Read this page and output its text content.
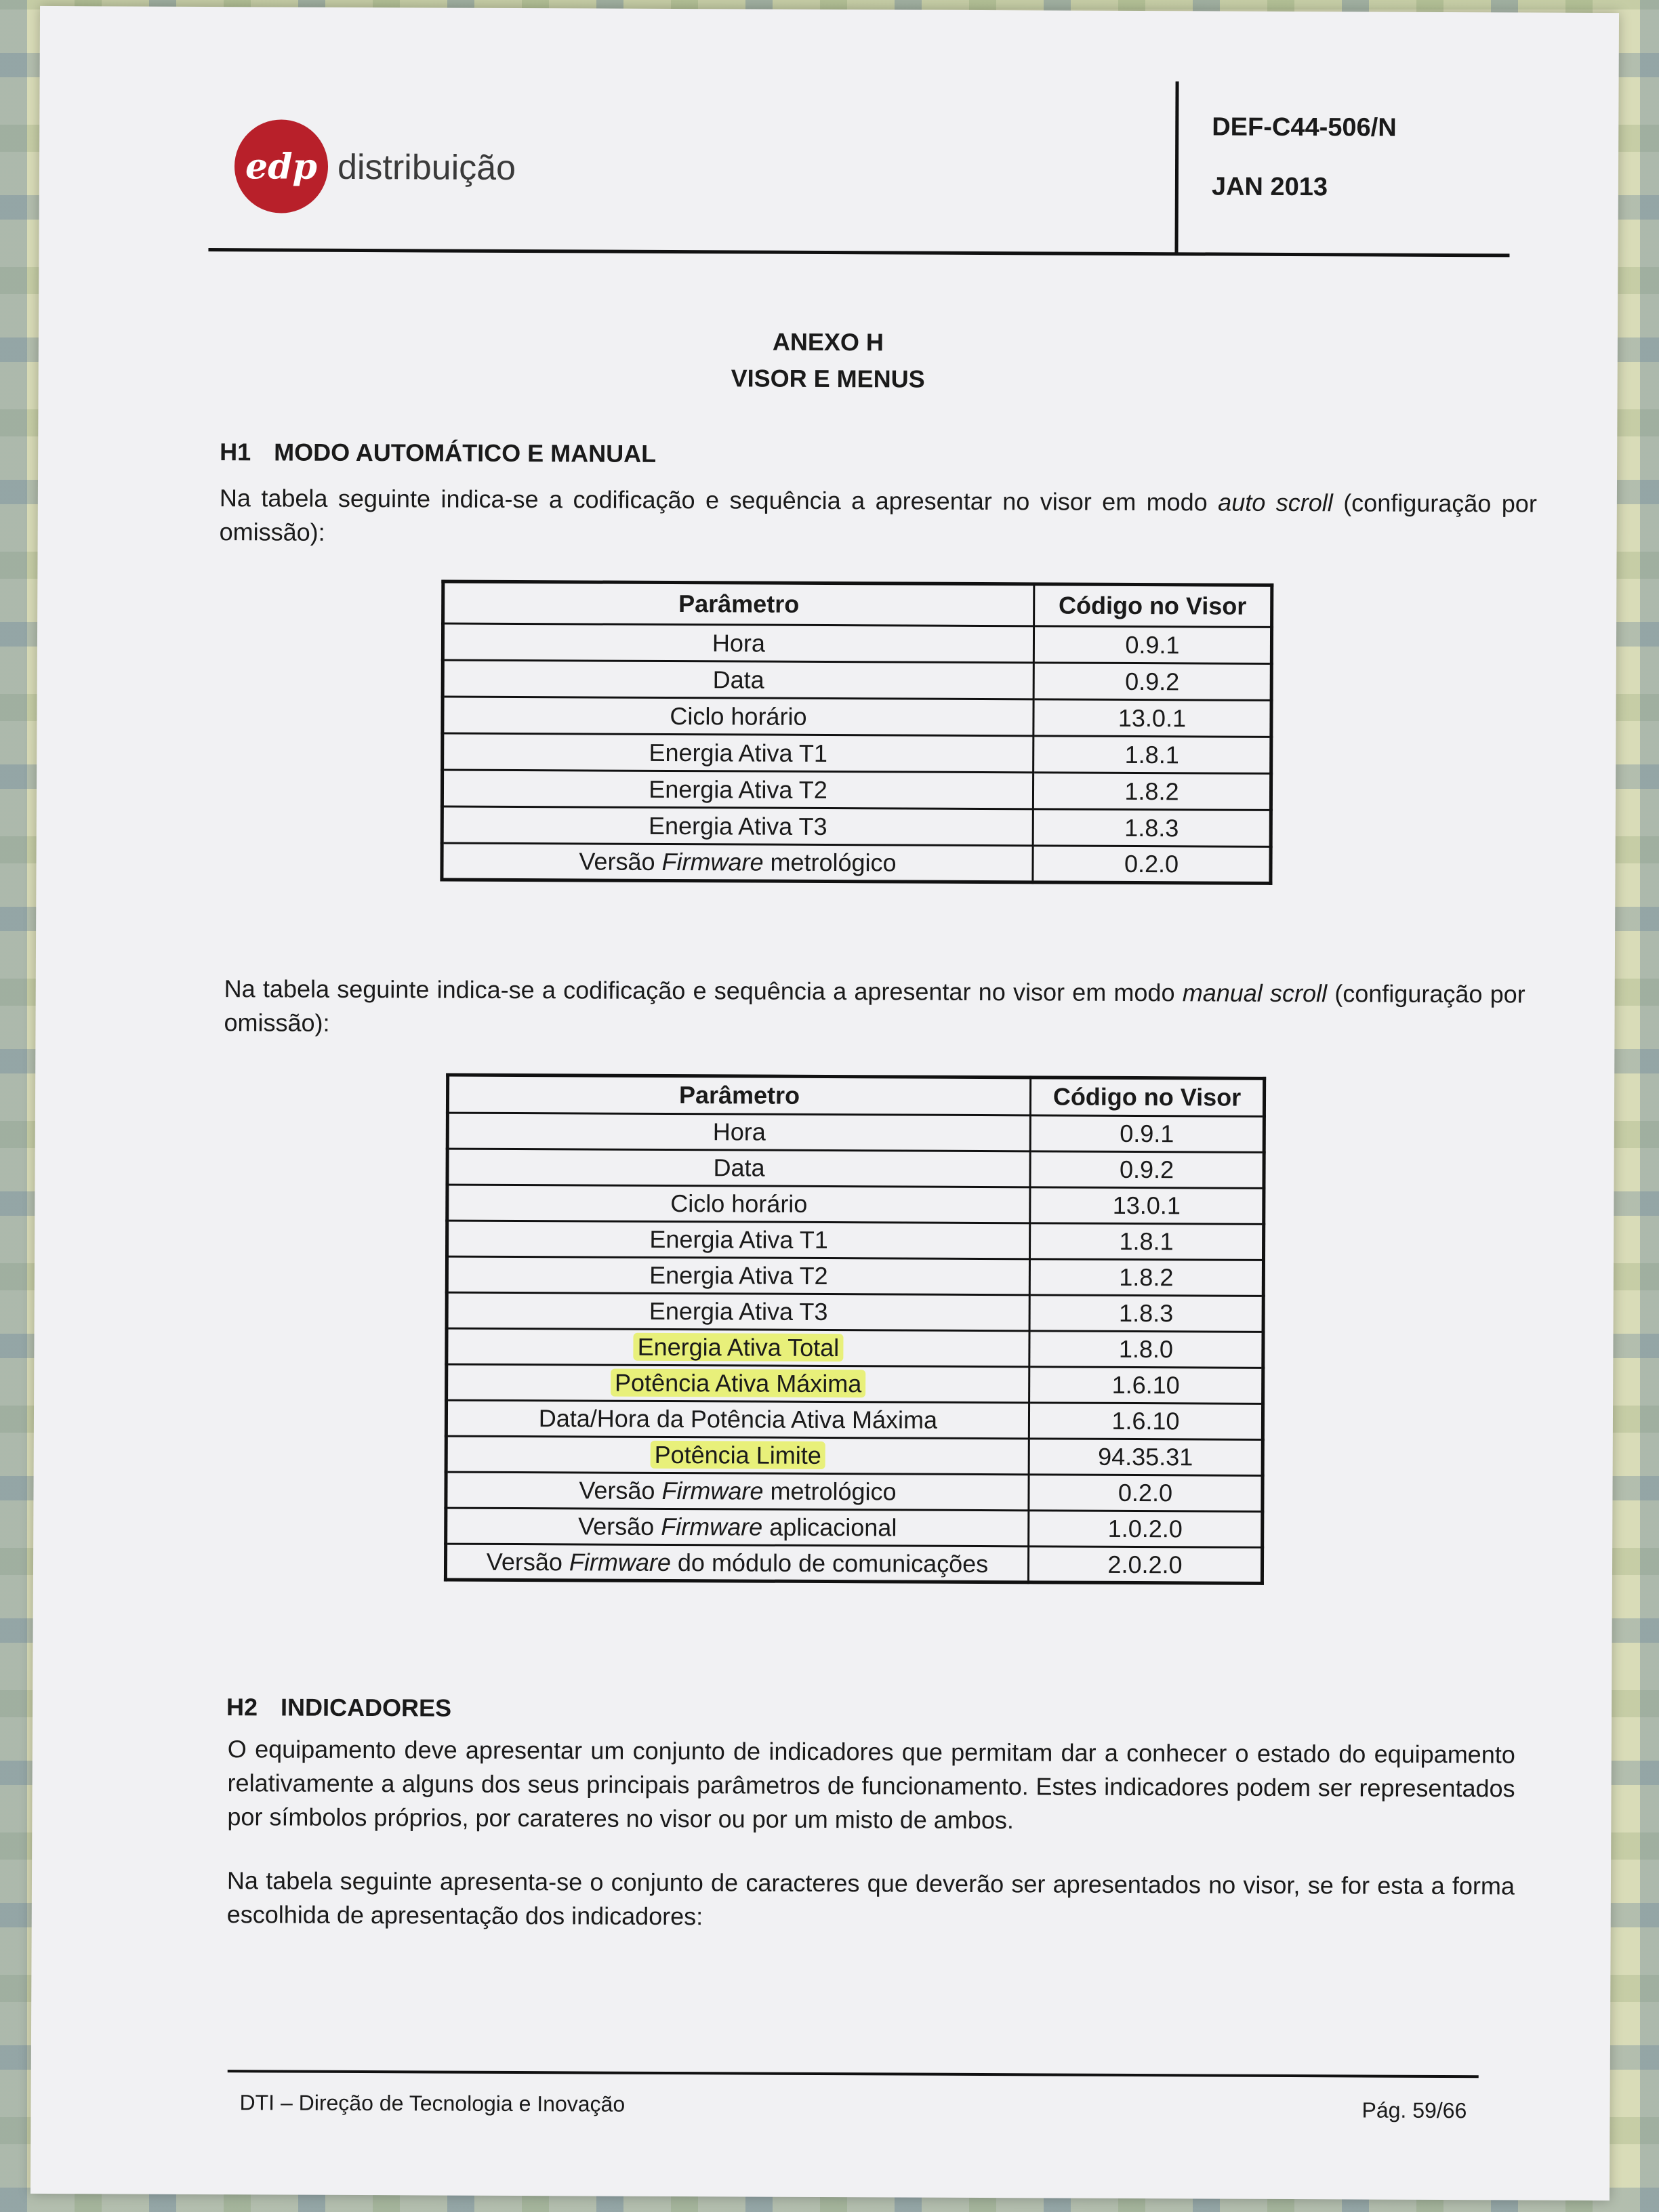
edp distribuição
DEF-C44-506/N
JAN 2013
ANEXO H
VISOR E MENUS
H1 MODO AUTOMÁTICO E MANUAL
Na tabela seguinte indica-se a codificação e sequência a apresentar no visor em modo auto scroll (configuração por omissão):
Parâmetro	Código no Visor
Hora	0.9.1
Data	0.9.2
Ciclo horário	13.0.1
Energia Ativa T1	1.8.1
Energia Ativa T2	1.8.2
Energia Ativa T3	1.8.3
Versão Firmware metrológico	0.2.0
Na tabela seguinte indica-se a codificação e sequência a apresentar no visor em modo manual scroll (configuração por omissão):
Parâmetro	Código no Visor
Hora	0.9.1
Data	0.9.2
Ciclo horário	13.0.1
Energia Ativa T1	1.8.1
Energia Ativa T2	1.8.2
Energia Ativa T3	1.8.3
Energia Ativa Total	1.8.0
Potência Ativa Máxima	1.6.10
Data/Hora da Potência Ativa Máxima	1.6.10
Potência Limite	94.35.31
Versão Firmware metrológico	0.2.0
Versão Firmware aplicacional	1.0.2.0
Versão Firmware do módulo de comunicações	2.0.2.0
H2 INDICADORES
O equipamento deve apresentar um conjunto de indicadores que permitam dar a conhecer o estado do equipamento relativamente a alguns dos seus principais parâmetros de funcionamento. Estes indicadores podem ser representados por símbolos próprios, por carateres no visor ou por um misto de ambos.
Na tabela seguinte apresenta-se o conjunto de caracteres que deverão ser apresentados no visor, se for esta a forma escolhida de apresentação dos indicadores:
DTI – Direção de Tecnologia e Inovação	Pág. 59/66
